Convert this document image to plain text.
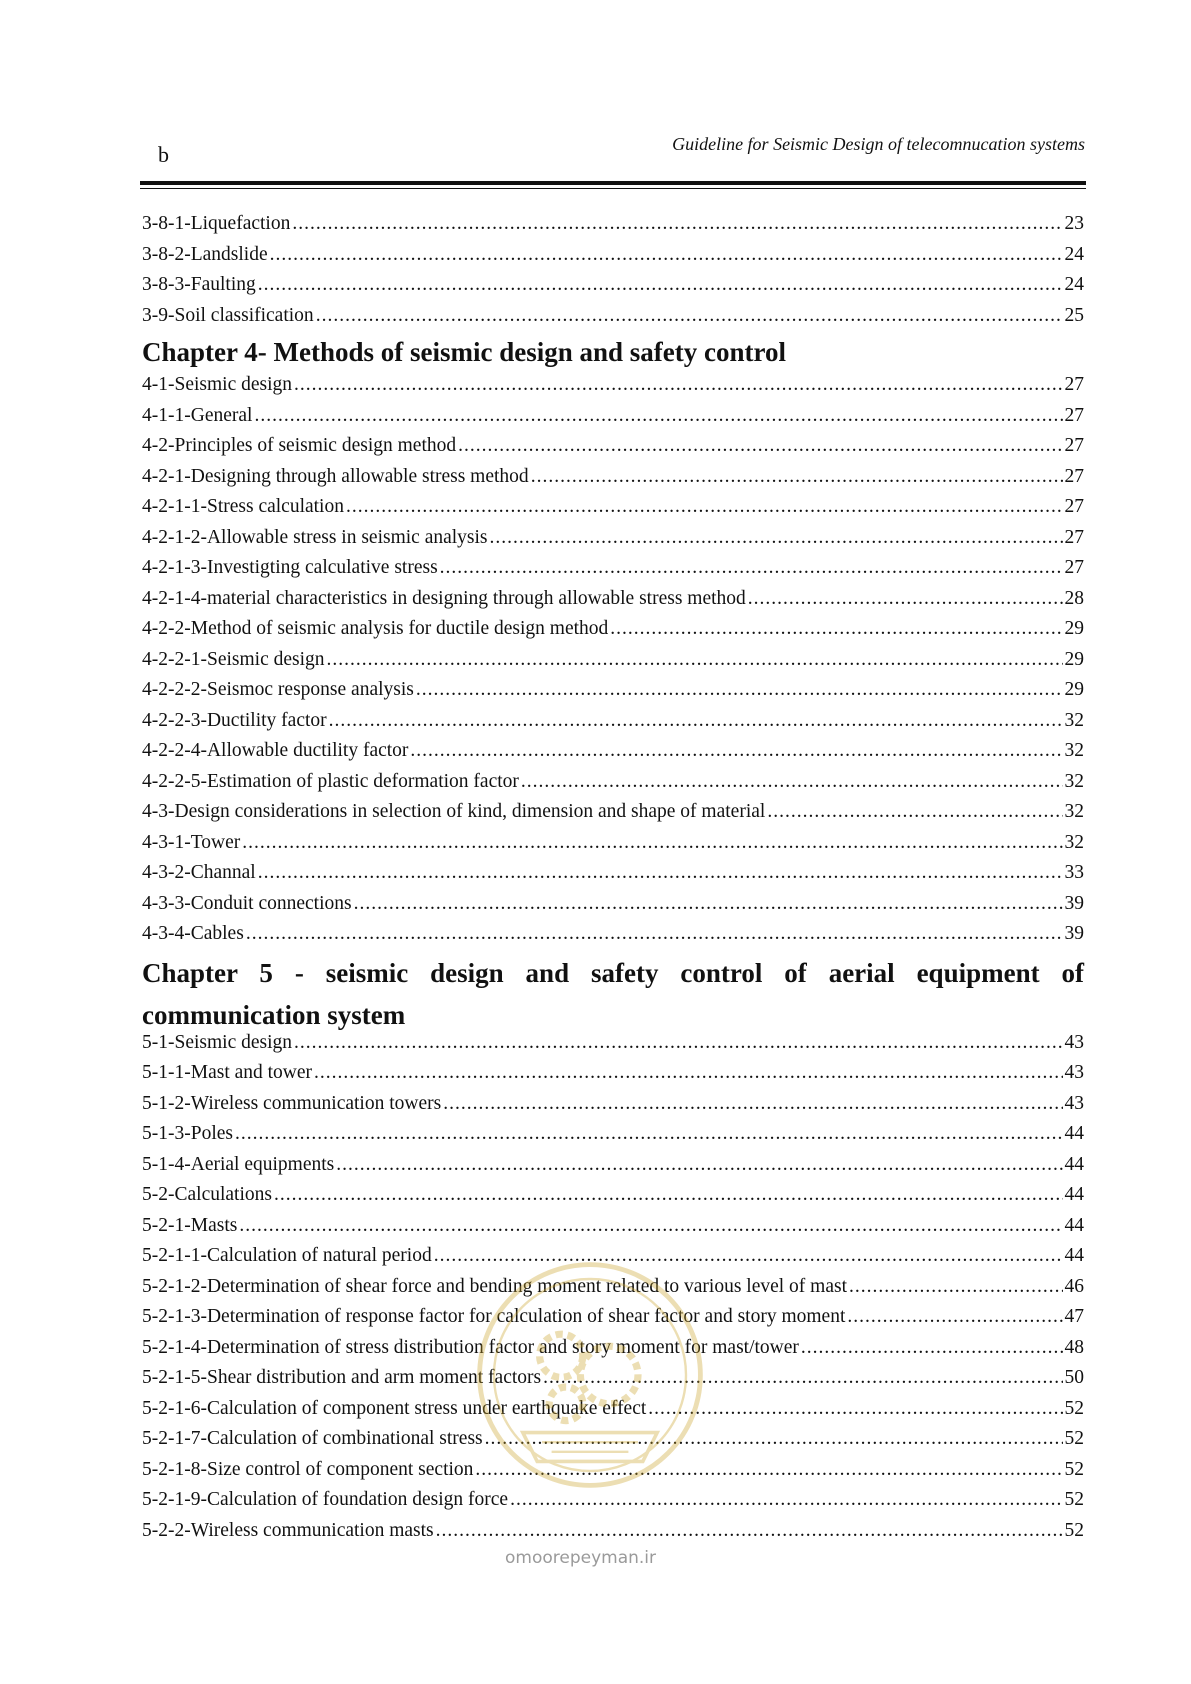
b	Guideline for Seismic Design of telecomnucation systems
3-8-1-Liquefaction .....	23
3-8-2-Landslide .....	24
3-8-3-Faulting .....	24
3-9-Soil classification .....	25
Chapter 4- Methods of seismic design and safety control
4-1-Seismic design .....	27
4-1-1-General .....	27
4-2-Principles of seismic design method .....	27
4-2-1-Designing through allowable stress method .....	27
4-2-1-1-Stress calculation .....	27
4-2-1-2-Allowable stress in seismic analysis .....	27
4-2-1-3-Investigting calculative stress .....	27
4-2-1-4-material characteristics in designing through allowable stress method .....	28
4-2-2-Method of seismic analysis for ductile design method .....	29
4-2-2-1-Seismic design .....	29
4-2-2-2-Seismoc response analysis .....	29
4-2-2-3-Ductility factor .....	32
4-2-2-4-Allowable ductility factor .....	32
4-2-2-5-Estimation of plastic deformation factor .....	32
4-3-Design considerations in selection of kind, dimension and shape of material .....	32
4-3-1-Tower .....	32
4-3-2-Channal .....	33
4-3-3-Conduit connections .....	39
4-3-4-Cables .....	39
Chapter 5 - seismic design and safety control of aerial equipment of communication system
5-1-Seismic design .....	43
5-1-1-Mast and tower .....	43
5-1-2-Wireless communication towers .....	43
5-1-3-Poles .....	44
5-1-4-Aerial equipments .....	44
5-2-Calculations .....	44
5-2-1-Masts .....	44
5-2-1-1-Calculation of natural period .....	44
5-2-1-2-Determination of shear force and bending moment related to various level of mast .....	46
5-2-1-3-Determination of response factor for calculation of shear factor and story moment .....	47
5-2-1-4-Determination of stress distribution factor and story moment for mast/tower .....	48
5-2-1-5-Shear distribution and arm moment factors .....	50
5-2-1-6-Calculation of component stress under earthquake effect .....	52
5-2-1-7-Calculation of combinational stress .....	52
5-2-1-8-Size control of component section .....	52
5-2-1-9-Calculation of foundation design force .....	52
5-2-2-Wireless communication masts .....	52
omoorepeyman.ir
